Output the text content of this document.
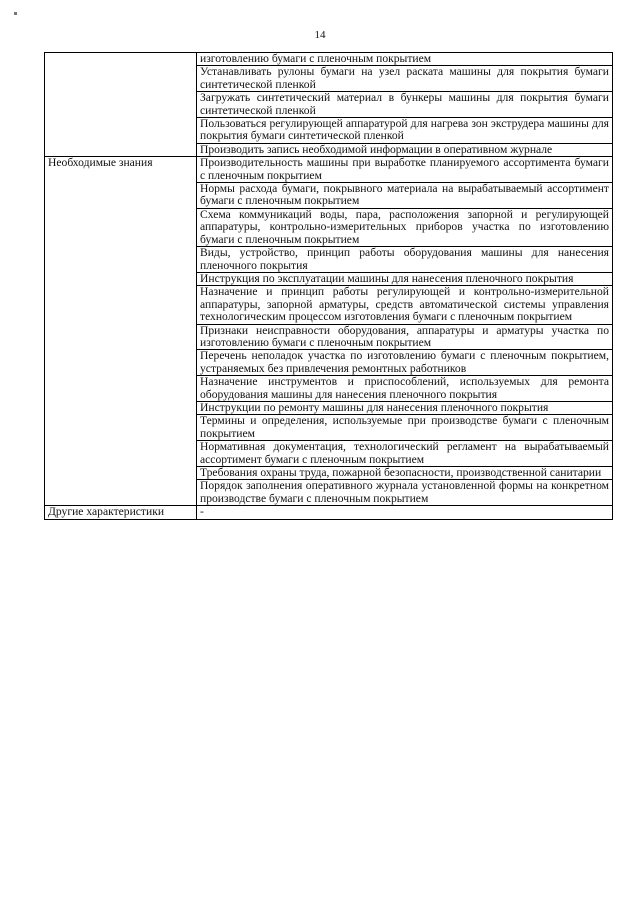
14
	изготовлению бумаги с пленочным покрытием
	Устанавливать рулоны бумаги на узел раската машины для покрытия бумаги синтетической пленкой
	Загружать синтетический материал в бункеры машины для покрытия бумаги синтетической пленкой
	Пользоваться регулирующей аппаратурой для нагрева зон экструдера машины для покрытия бумаги синтетической пленкой
	Производить запись необходимой информации в оперативном журнале
Необходимые знания	Производительность машины при выработке планируемого ассортимента бумаги с пленочным покрытием
	Нормы расхода бумаги, покрывного материала на вырабатываемый ассортимент бумаги с пленочным покрытием
	Схема коммуникаций воды, пара, расположения запорной и регулирующей аппаратуры, контрольно-измерительных приборов участка по изготовлению бумаги с пленочным покрытием
	Виды, устройство, принцип работы оборудования машины для нанесения пленочного покрытия
	Инструкция по эксплуатации машины для нанесения пленочного покрытия
	Назначение и принцип работы регулирующей и контрольно-измерительной аппаратуры, запорной арматуры, средств автоматической системы управления технологическим процессом изготовления бумаги с пленочным покрытием
	Признаки неисправности оборудования, аппаратуры и арматуры участка по изготовлению бумаги с пленочным покрытием
	Перечень неполадок участка по изготовлению бумаги с пленочным покрытием, устраняемых без привлечения ремонтных работников
	Назначение инструментов и приспособлений, используемых для ремонта оборудования машины для нанесения пленочного покрытия
	Инструкции по ремонту машины для нанесения пленочного покрытия
	Термины и определения, используемые при производстве бумаги с пленочным покрытием
	Нормативная документация, технологический регламент на вырабатываемый ассортимент бумаги с пленочным покрытием
	Требования охраны труда, пожарной безопасности, производственной санитарии
	Порядок заполнения оперативного журнала установленной формы на конкретном производстве бумаги с пленочным покрытием
Другие характеристики	-
